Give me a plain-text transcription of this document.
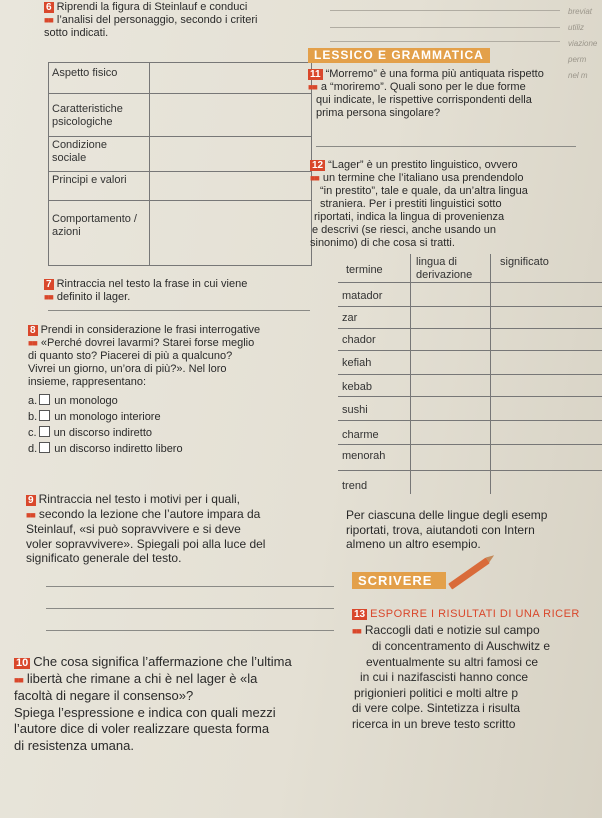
breviat
utiliz
viazione
perm
nel m
6 Riprendi la figura di Steinlauf e conduci
■■ l’analisi del personaggio, secondo i criteri
sotto indicati.
Aspetto fisico
Caratteristiche psicologiche
Condizione sociale
Principi e valori
Comportamento / azioni
LESSICO E GRAMMATICA
11 “Morremo” è una forma più antiquata rispetto
■■ a “moriremo”. Quali sono per le due forme
qui indicate, le rispettive corrispondenti della
prima persona singolare?
12 “Lager” è un prestito linguistico, ovvero
■■ un termine che l’italiano usa prendendolo
“in prestito”, tale e quale, da un’altra lingua
straniera. Per i prestiti linguistici sotto
riportati, indica la lingua di provenienza
e descrivi (se riesci, anche usando un
sinonimo) di che cosa si tratti.
termine
lingua di derivazione
significato
matador
zar
chador
kefiah
kebab
sushi
charme
menorah
trend
7 Rintraccia nel testo la frase in cui viene
■■ definito il lager.
8 Prendi in considerazione le frasi interrogative
■■ «Perché dovrei lavarmi? Starei forse meglio
di quanto sto? Piacerei di più a qualcuno?
Vivrei un giorno, un’ora di più?». Nel loro
insieme, rappresentano:
a. un monologo
b. un monologo interiore
c. un discorso indiretto
d. un discorso indiretto libero
9 Rintraccia nel testo i motivi per i quali,
■■ secondo la lezione che l’autore impara da
Steinlauf, «si può sopravvivere e si deve
voler sopravvivere». Spiegali poi alla luce del
significato generale del testo.
Per ciascuna delle lingue degli esemp
riportati, trova, aiutandoti con Intern
almeno un altro esempio.
SCRIVERE
13 ESPORRE I RISULTATI DI UNA RICER
■■ Raccogli dati e notizie sul campo
di concentramento di Auschwitz e
eventualmente su altri famosi ce
in cui i nazifascisti hanno conce
prigionieri politici e molti altre p
di vere colpe. Sintetizza i risulta
ricerca in un breve testo scritto
10 Che cosa significa l’affermazione che l’ultima
■■ libertà che rimane a chi è nel lager è «la
facoltà di negare il consenso»?
Spiega l’espressione e indica con quali mezzi
l’autore dice di voler realizzare questa forma
di resistenza umana.
